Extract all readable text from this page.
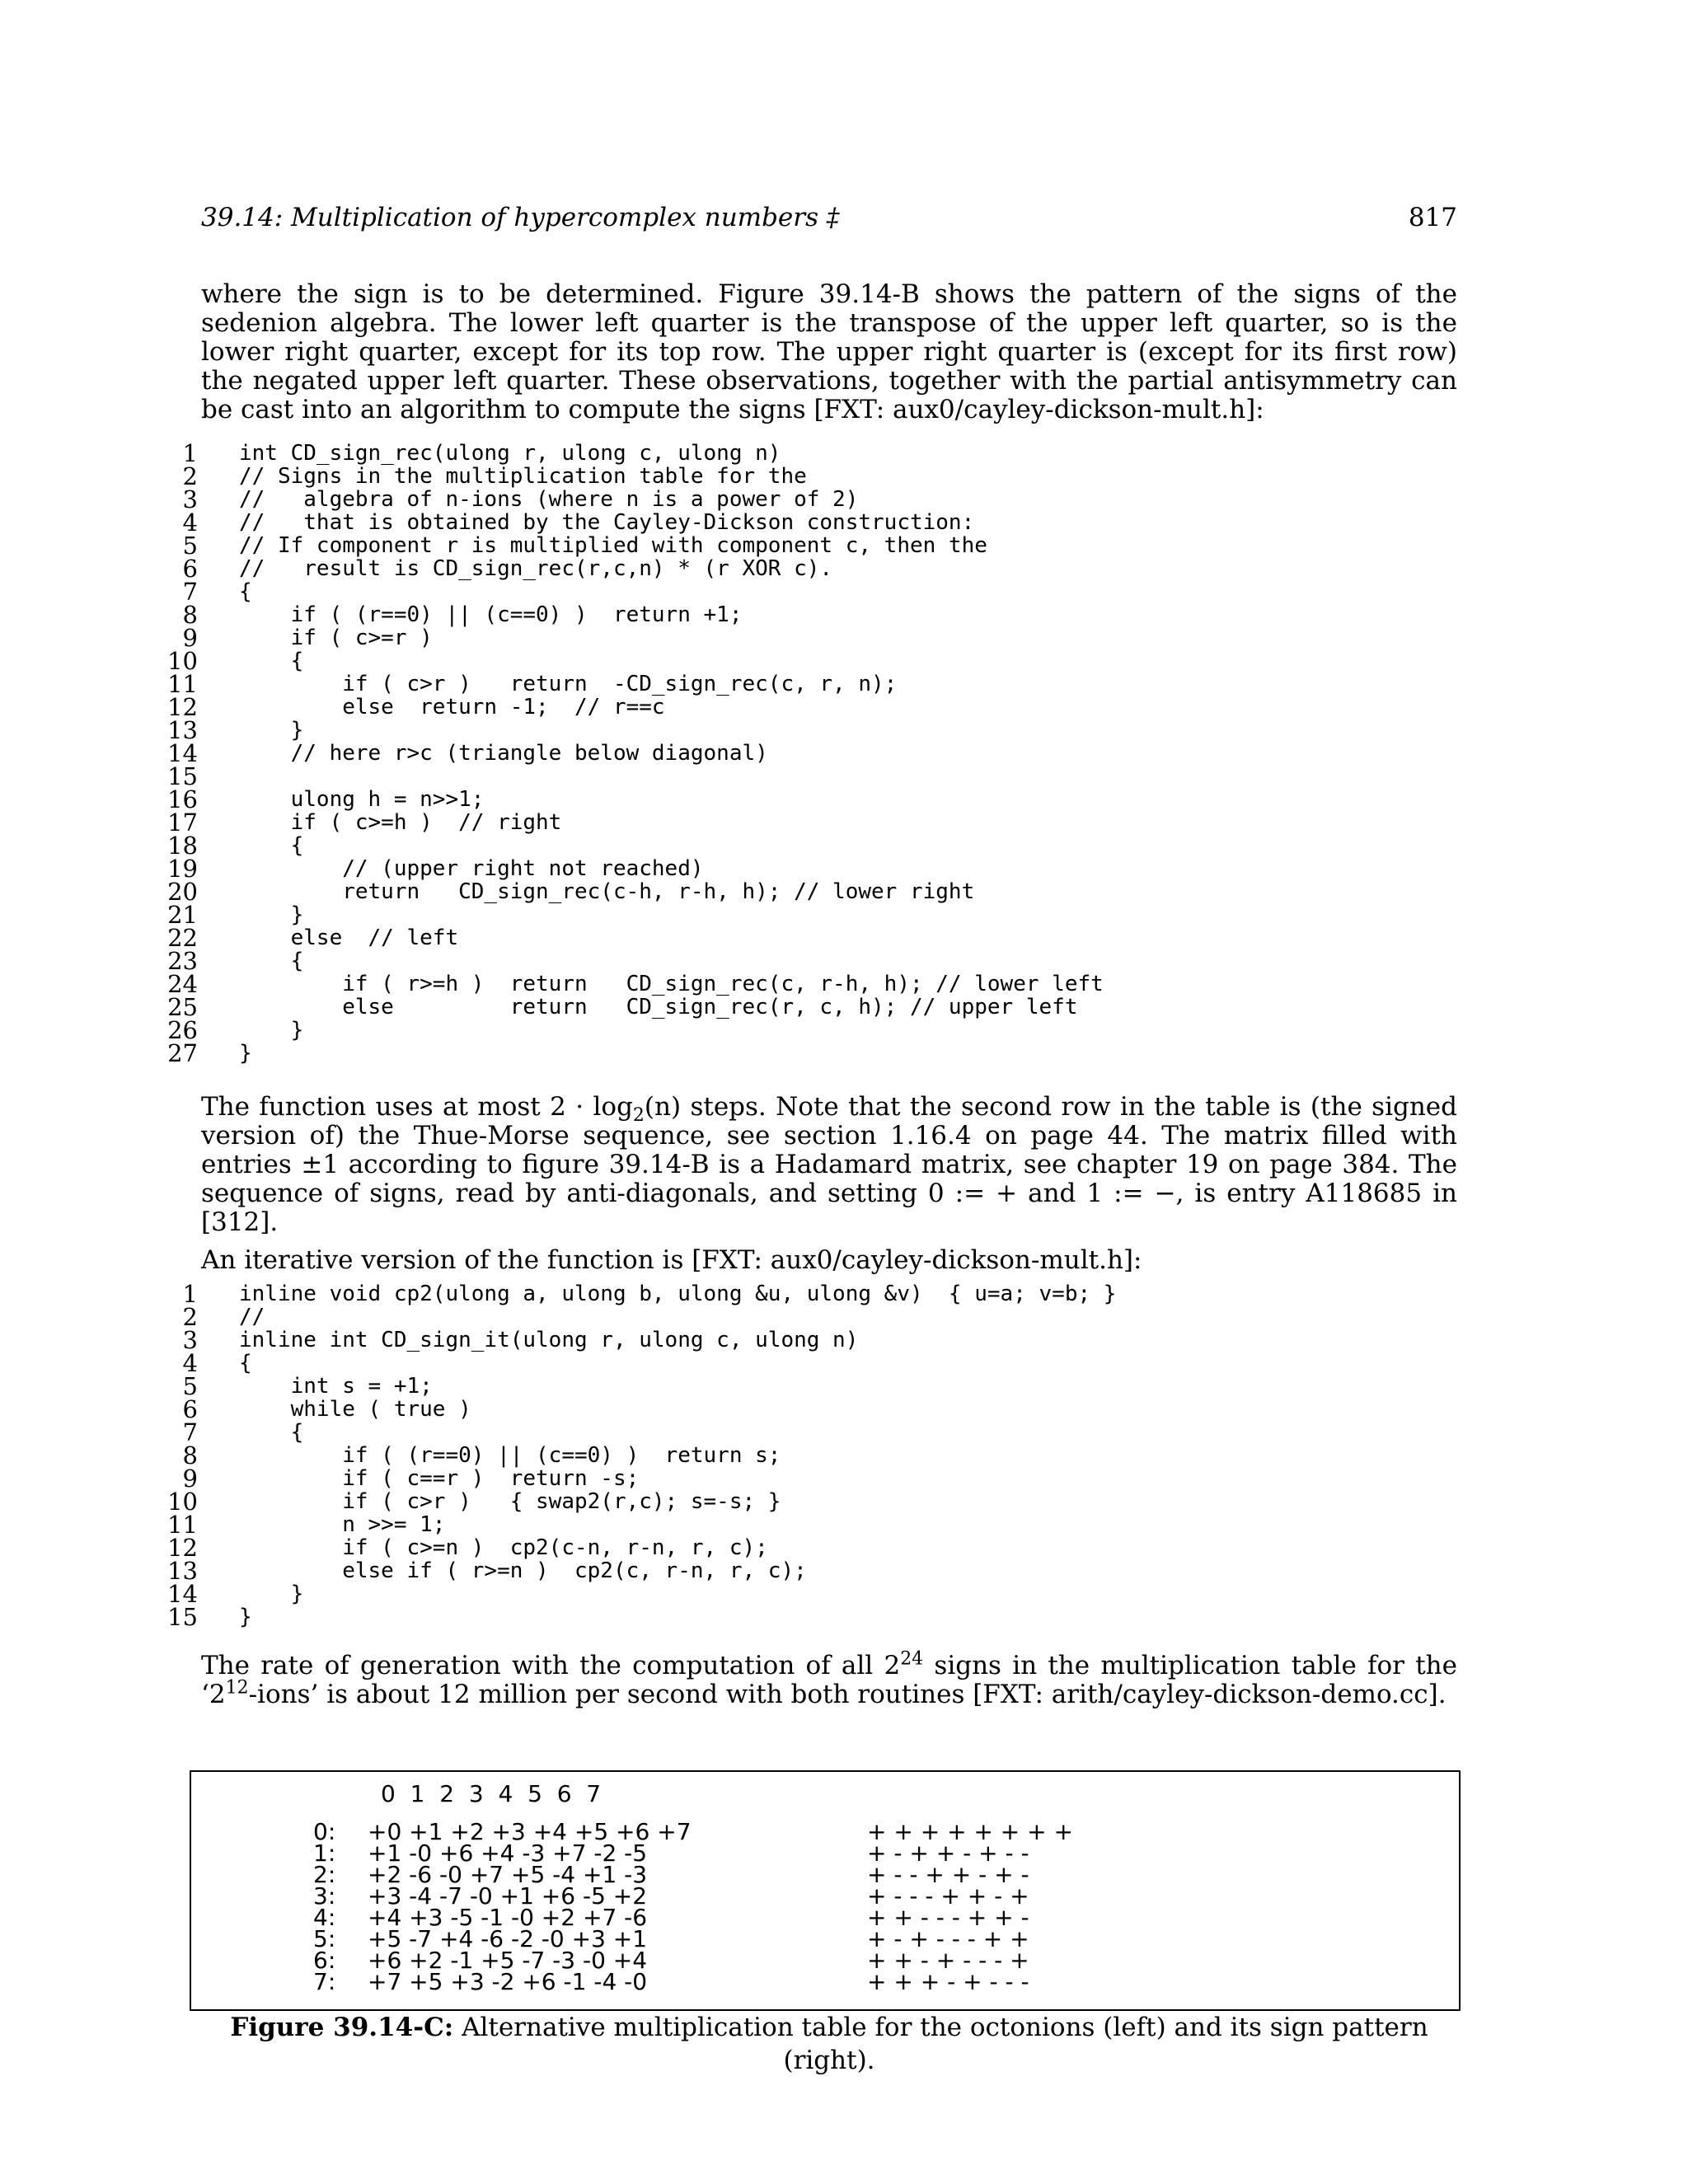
39.14: Multiplication of hypercomplex numbers ‡	817

where the sign is to be determined. Figure 39.14-B shows the pattern of the signs of the sedenion algebra. The lower left quarter is the transpose of the upper left quarter, so is the lower right quarter, except for its top row. The upper right quarter is (except for its first row) the negated upper left quarter. These observations, together with the partial antisymmetry can be cast into an algorithm to compute the signs [FXT: aux0/cayley-dickson-mult.h]:

1 int CD_sign_rec(ulong r, ulong c, ulong n)
2 // Signs in the multiplication table for the
3 //   algebra of n-ions (where n is a power of 2)
4 //   that is obtained by the Cayley-Dickson construction:
5 // If component r is multiplied with component c, then the
6 //   result is CD_sign_rec(r,c,n) * (r XOR c).
7 {
8 if ( (r==0) || (c==0) )  return +1;
9 if ( c>=r )
10 {
11 if ( c>r )   return  -CD_sign_rec(c, r, n);
12 else  return -1;  // r==c
13 }
14 // here r>c (triangle below diagonal)
15
16 ulong h = n>>1;
17 if ( c>=h )  // right
18 {
19 // (upper right not reached)
20 return   CD_sign_rec(c-h, r-h, h); // lower right
21 }
22 else  // left
23 {
24 if ( r>=h )  return   CD_sign_rec(c, r-h, h); // lower left
25 else         return   CD_sign_rec(r, c, h); // upper left
26 }
27 }

The function uses at most $2 \cdot \log_2(n)$ steps. Note that the second row in the table is (the signed version of) the Thue-Morse sequence, see section 1.16.4 on page 44. The matrix filled with entries ±1 according to figure 39.14-B is a Hadamard matrix, see chapter 19 on page 384. The sequence of signs, read by anti-diagonals, and setting 0 := + and 1 := −, is entry A118685 in [312].

An iterative version of the function is [FXT: aux0/cayley-dickson-mult.h]:

1 inline void cp2(ulong a, ulong b, ulong &u, ulong &v)  { u=a; v=b; }
2 //
3 inline int CD_sign_it(ulong r, ulong c, ulong n)
4 {
5 int s = +1;
6 while ( true )
7 {
8 if ( (r==0) || (c==0) )  return s;
9 if ( c==r )  return -s;
10 if ( c>r )   { swap2(r,c); s=-s; }
11 n >>= 1;
12 if ( c>=n )  cp2(c-n, r-n, r, c);
13 else if ( r>=n )  cp2(c, r-n, r, c);
14 }
15 }

The rate of generation with the computation of all $2^{24}$ signs in the multiplication table for the ‘$2^{12}$-ions’ is about 12 million per second with both routines [FXT: arith/cayley-dickson-demo.cc].

0  1  2  3  4  5  6  7
0: +0 +1 +2 +3 +4 +5 +6 +7	+ + + + + + + +
1: +1 -0 +6 +4 -3 +7 -2 -5	+ - + + - + - -
2: +2 -6 -0 +7 +5 -4 +1 -3	+ - - + + - + -
3: +3 -4 -7 -0 +1 +6 -5 +2	+ - - - + + - +
4: +4 +3 -5 -1 -0 +2 +7 -6	+ + - - - + + -
5: +5 -7 +4 -6 -2 -0 +3 +1	+ - + - - - + +
6: +6 +2 -1 +5 -7 -3 -0 +4	+ + - + - - - +
7: +7 +5 +3 -2 +6 -1 -4 -0	+ + + - + - - -
Figure 39.14-C: Alternative multiplication table for the octonions (left) and its sign pattern (right).
